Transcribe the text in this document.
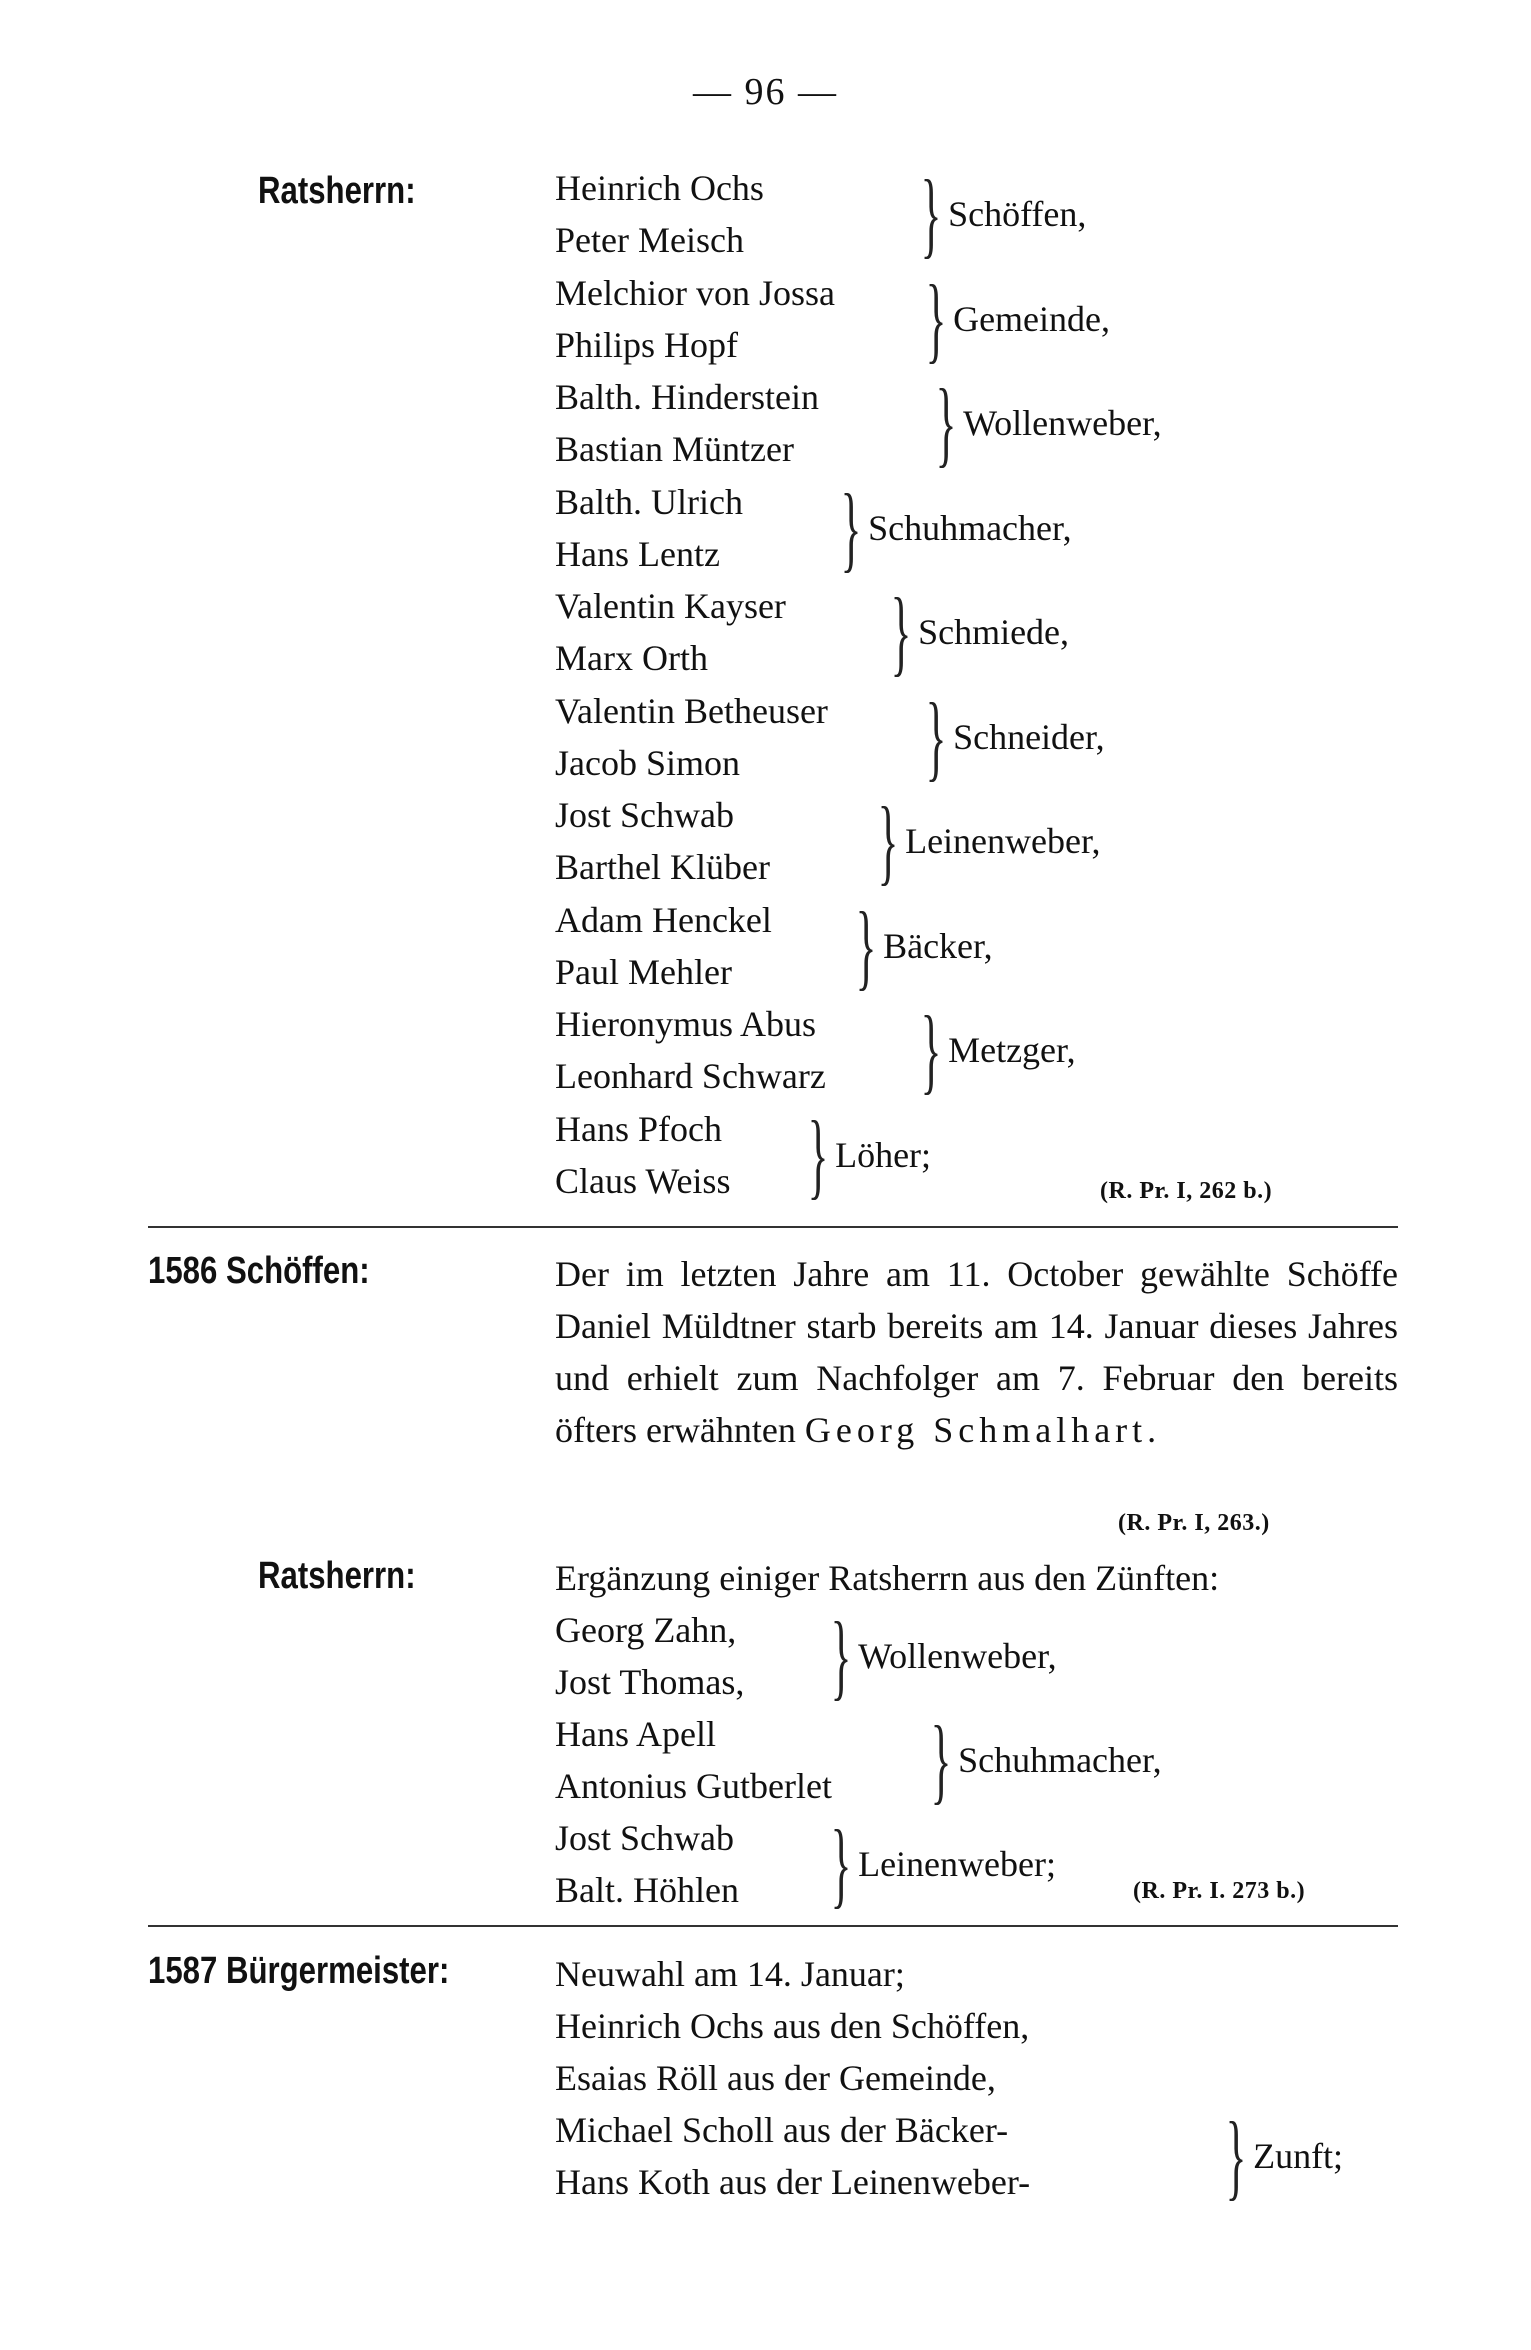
— 96 —
Ratsherrn:	Heinrich Ochs
Peter Meisch	} Schöffen,
Melchior von Jossa
Philips Hopf	} Gemeinde,
Balth. Hinderstein
Bastian Müntzer	} Wollenweber,
Balth. Ulrich
Hans Lentz	} Schuhmacher,
Valentin Kayser
Marx Orth	} Schmiede,
Valentin Betheuser
Jacob Simon	} Schneider,
Jost Schwab
Barthel Klüber	} Leinenweber,
Adam Henckel
Paul Mehler	} Bäcker,
Hieronymus Abus
Leonhard Schwarz } Metzger,
Hans Pfoch
Claus Weiss } Löher;
(R. Pr. I, 262 b.)
1586 Schöffen:	Der im letzten Jahre am 11. October gewählte Schöffe Daniel Müldtner starb bereits am 14. Januar dieses Jahres und erhielt zum Nachfolger am 7. Februar den bereits öfters erwähnten Georg Schmalhart.
(R. Pr. I, 263.)
Ratsherrn:	Ergänzung einiger Ratsherrn aus den Zünften:
Georg Zahn,
Jost Thomas, } Wollenweber,
Hans Apell
Antonius Gutberlet	} Schuhmacher,
Jost Schwab
Balt. Höhlen } Leinenweber;
(R. Pr. I. 273 b.)
1587 Bürgermeister:	Neuwahl am 14. Januar;
Heinrich Ochs aus den Schöffen,
Esaias Röll aus der Gemeinde,
Michael Scholl aus der Bäcker-
Hans Koth aus der Leinenweber-	} Zunft;
